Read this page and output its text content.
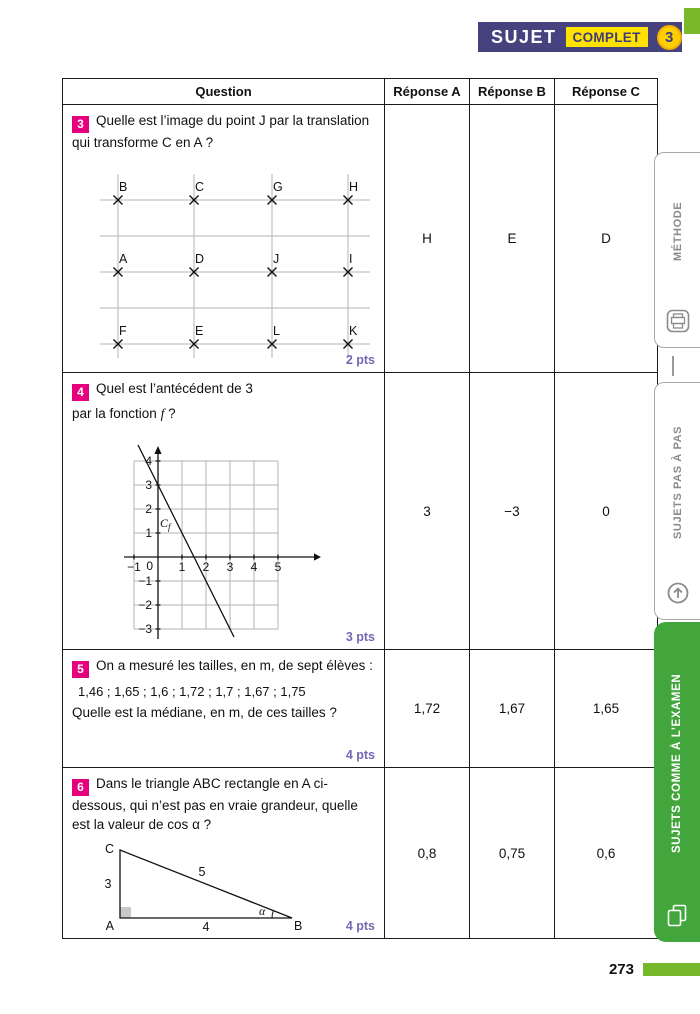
SUJET	COMPLET	3
Question	Réponse A	Réponse B	Réponse C

3 Quelle est l’image du point J par la translation qui transforme C en A ?

B	C	G	H
A	D	J	I
F	E	L	K
2 pts
	H	E	D

4 Quel est l’antécédent de 3

par la fonction f ?

4
3
2
1
−1
−2
−3
0
−1	1 2 3 4 5
$C_f$
3 pts
	3	−3	0

5 On a mesuré les tailles, en m, de sept élèves :

1,46 ; 1,65 ; 1,6 ; 1,72 ; 1,7 ; 1,67 ; 1,75

Quelle est la médiane, en m, de ces tailles ?

4 pts	1,72	1,67	1,65

6 Dans le triangle ABC rectangle en A ci-dessous, qui n’est pas en vraie grandeur, quelle est la valeur de cos α ?

C
A	B
3
4
5
α
4 pts
	0,8	0,75	0,6
MÉTHODE
SUJETS PAS À PAS
SUJETS COMME À L’EXAMEN
273
